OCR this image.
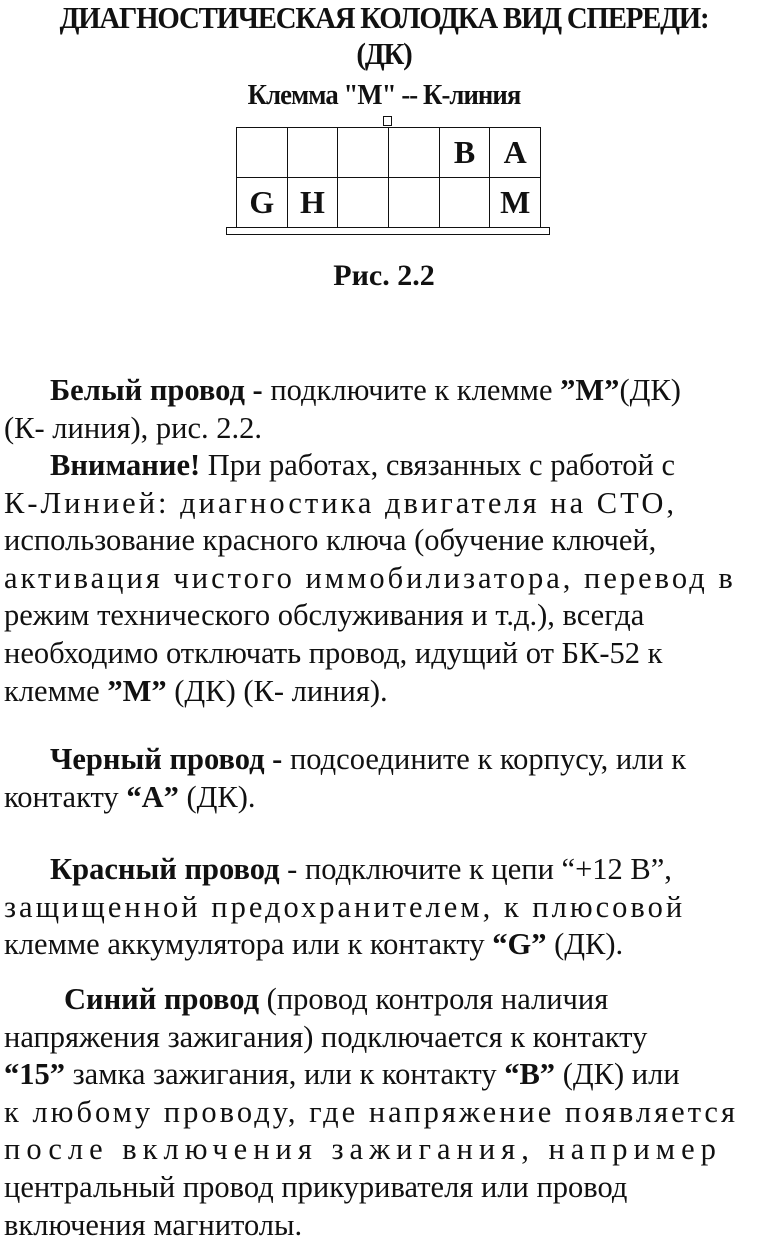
ДИАГНОСТИЧЕСКАЯ КОЛОДКА ВИД СПЕРЕДИ:
(ДК)
Клемма "М" -- К-линия
B A
G H	M
Рис. 2.2

Белый провод - подключите к клемме ”М”(ДК)
(К- линия), рис. 2.2.

Внимание! При работах, связанных с работой с
К-Линией: диагностика двигателя на СТО,
использование красного ключа (обучение ключей,
активация чистого иммобилизатора, перевод в
режим технического обслуживания и т.д.), всегда
необходимо отключать провод, идущий от БК-52 к
клемме ”М” (ДК) (К- линия).

Черный провод - подсоедините к корпусу, или к
контакту “А” (ДК).

Красный провод - подключите к цепи “+12 В”,
защищенной предохранителем, к плюсовой
клемме аккумулятора или к контакту “G” (ДК).

Синий провод (провод контроля наличия
напряжения зажигания) подключается к контакту
“15” замка зажигания, или к контакту “В” (ДК) или
к любому проводу, где напряжение появляется
после включения зажигания, например
центральный провод прикуривателя или провод
включения магнитолы.
